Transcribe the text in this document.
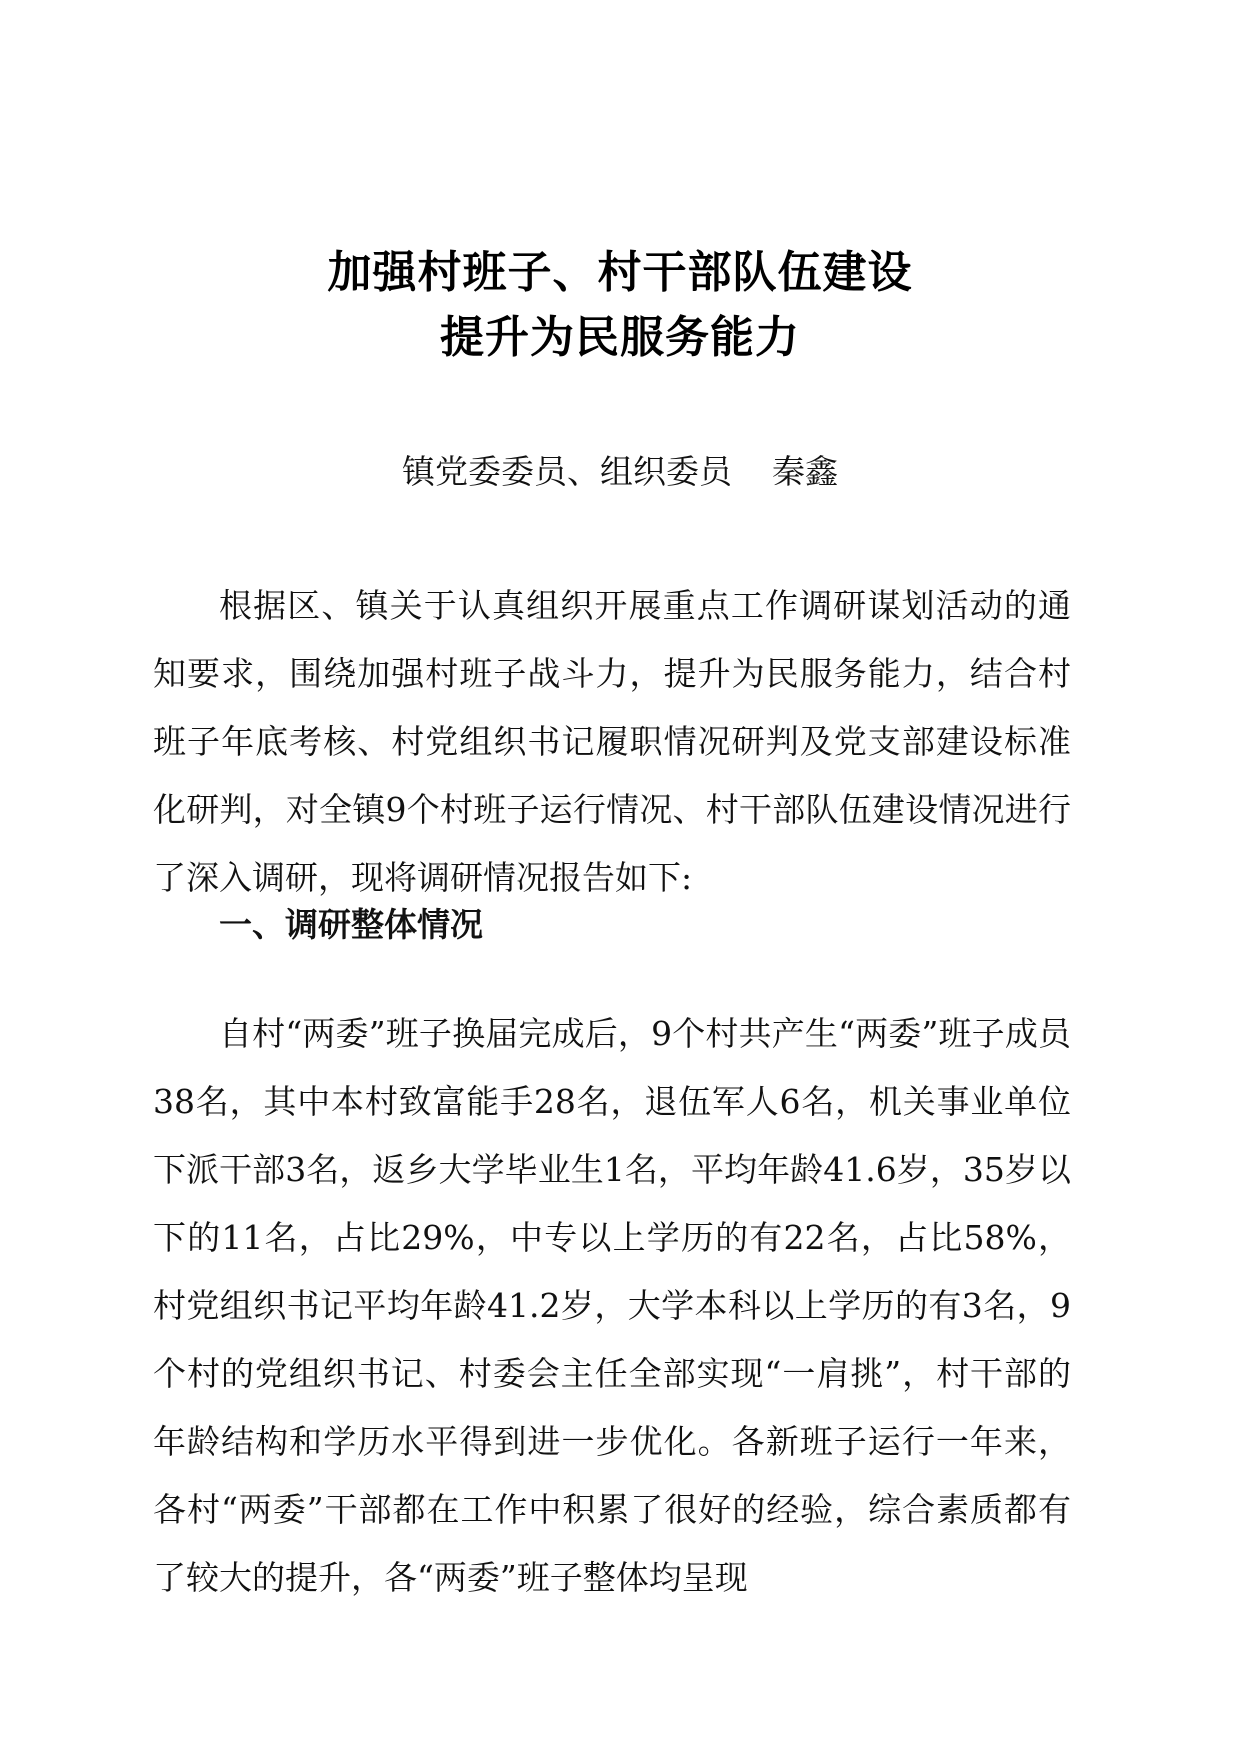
加强村班子、村干部队伍建设
提升为民服务能力
镇党委委员、组织委员 秦鑫

根据区、镇关于认真组织开展重点工作调研谋划活动的通知要求，围绕加强村班子战斗力，提升为民服务能力，结合村班子年底考核、村党组织书记履职情况研判及党支部建设标准化研判，对全镇9个村班子运行情况、村干部队伍建设情况进行了深入调研，现将调研情况报告如下:

一、调研整体情况

自村“两委”班子换届完成后，9个村共产生“两委”班子成员38名，其中本村致富能手28名，退伍军人6名，机关事业单位下派干部3名，返乡大学毕业生1名，平均年龄41.6岁，35岁以下的11名，占比29%，中专以上学历的有22名，占比58%，村党组织书记平均年龄41.2岁，大学本科以上学历的有3名，9个村的党组织书记、村委会主任全部实现“一肩挑”，村干部的年龄结构和学历水平得到进一步优化。各新班子运行一年来，各村“两委”干部都在工作中积累了很好的经验，综合素质都有了较大的提升，各“两委”班子整体均呈现
